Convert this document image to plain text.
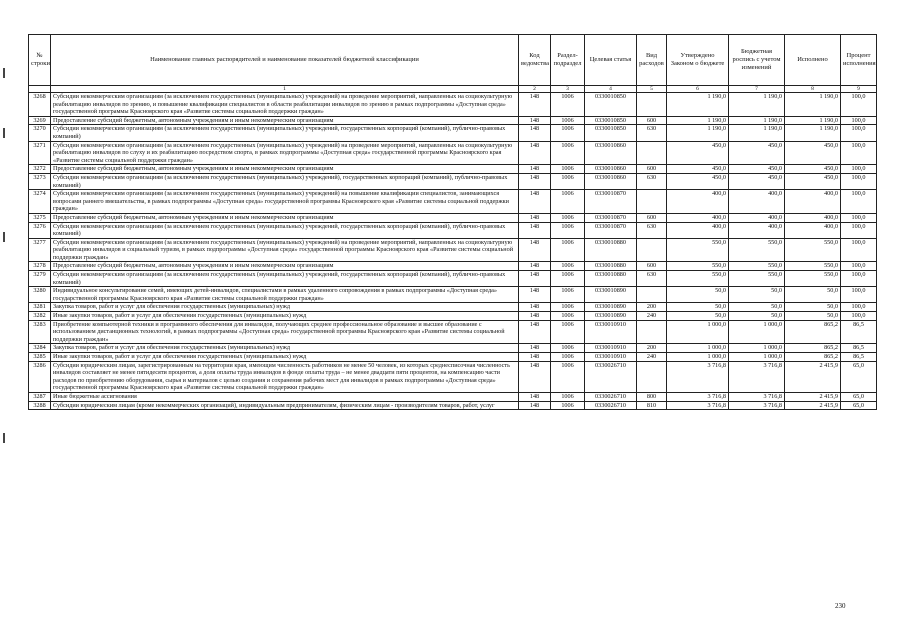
№ строки	Наименование главных распорядителей и наименование показателей бюджетной классификации	Код ведомства	Раздел-подраздел	Целевая статья	Вид расходов	Утверждено Законом о бюджете	Бюджетная роспись с учетом изменений	Исполнено	Процент исполнения
	1	2	3	4	5	6	7	8	9
3268	Субсидии некоммерческим организациям (за исключением государственных (муниципальных) учреждений) на проведение мероприятий, направленных на социокультурную реабилитацию инвалидов по зрению, и повышение квалификации специалистов в области реабилитации инвалидов по зрению в рамках подпрограммы «Доступная среда» государственной программы Красноярского края «Развитие системы социальной поддержки граждан»	148	1006	0330010850		1 190,0	1 190,0	1 190,0	100,0
3269	Предоставление субсидий бюджетным, автономным учреждениям и иным некоммерческим организациям	148	1006	0330010850	600	1 190,0	1 190,0	1 190,0	100,0
3270	Субсидии некоммерческим организациям (за исключением государственных (муниципальных) учреждений, государственных корпораций (компаний), публично-правовых компаний)	148	1006	0330010850	630	1 190,0	1 190,0	1 190,0	100,0
3271	Субсидии некоммерческим организациям (за исключением государственных (муниципальных) учреждений) на проведение мероприятий, направленных на социокультурную реабилитацию инвалидов по слуху и их реабилитацию посредством спорта, в рамках подпрограммы «Доступная среда» государственной программы Красноярского края «Развитие системы социальной поддержки граждан»	148	1006	0330010860		450,0	450,0	450,0	100,0
3272	Предоставление субсидий бюджетным, автономным учреждениям и иным некоммерческим организациям	148	1006	0330010860	600	450,0	450,0	450,0	100,0
3273	Субсидии некоммерческим организациям (за исключением государственных (муниципальных) учреждений), государственных корпораций (компаний), публично-правовых компаний)	148	1006	0330010860	630	450,0	450,0	450,0	100,0
3274	Субсидии некоммерческим организациям (за исключением государственных (муниципальных) учреждений) на повышение квалификации специалистов, занимающихся вопросами раннего вмешательства, в рамках подпрограммы «Доступная среда» государственной программы Красноярского края «Развитие системы социальной поддержки граждан»	148	1006	0330010870		400,0	400,0	400,0	100,0
3275	Предоставление субсидий бюджетным, автономным учреждениям и иным некоммерческим организациям	148	1006	0330010870	600	400,0	400,0	400,0	100,0
3276	Субсидии некоммерческим организациям (за исключением государственных (муниципальных) учреждений, государственных корпораций (компаний), публично-правовых компаний)	148	1006	0330010870	630	400,0	400,0	400,0	100,0
3277	Субсидии некоммерческим организациям (за исключением государственных (муниципальных) учреждений) на проведение мероприятий, направленных на социокультурную реабилитацию инвалидов и социальный туризм, в рамках подпрограммы «Доступная среда» государственной программы Красноярского края «Развитие системы социальной поддержки граждан»	148	1006	0330010880		550,0	550,0	550,0	100,0
3278	Предоставление субсидий бюджетным, автономным учреждениям и иным некоммерческим организациям	148	1006	0330010880	600	550,0	550,0	550,0	100,0
3279	Субсидии некоммерческим организациям (за исключением государственных (муниципальных) учреждений, государственных корпораций (компаний), публично-правовых компаний)	148	1006	0330010880	630	550,0	550,0	550,0	100,0
3280	Индивидуальное консультирование семей, имеющих детей-инвалидов, специалистами в рамках удаленного сопровождения в рамках подпрограммы «Доступная среда» государственной программы Красноярского края «Развитие системы социальной поддержки граждан»	148	1006	0330010890		50,0	50,0	50,0	100,0
3281	Закупка товаров, работ и услуг для обеспечения государственных (муниципальных) нужд	148	1006	0330010890	200	50,0	50,0	50,0	100,0
3282	Иные закупки товаров, работ и услуг для обеспечения государственных (муниципальных) нужд	148	1006	0330010890	240	50,0	50,0	50,0	100,0
3283	Приобретение компьютерной техники и программного обеспечения для инвалидов, получающих среднее профессиональное образование и высшее образование с использованием дистанционных технологий, в рамках подпрограммы «Доступная среда» государственной программы Красноярского края «Развитие системы социальной поддержки граждан»	148	1006	0330010910		1 000,0	1 000,0	865,2	86,5
3284	Закупка товаров, работ и услуг для обеспечения государственных (муниципальных) нужд	148	1006	0330010910	200	1 000,0	1 000,0	865,2	86,5
3285	Иные закупки товаров, работ и услуг для обеспечения государственных (муниципальных) нужд	148	1006	0330010910	240	1 000,0	1 000,0	865,2	86,5
3286	Субсидии юридическим лицам, зарегистрированным на территории края, имеющим численность работников не менее 50 человек, из которых среднесписочная численность инвалидов составляет не менее пятидесяти процентов, а доля оплаты труда инвалидов в фонде оплаты труда – не менее двадцати пяти процентов, на компенсацию части расходов по приобретению оборудования, сырья и материалов с целью создания и сохранения рабочих мест для инвалидов в рамках подпрограммы «Доступная среда» государственной программы Красноярского края «Развитие системы социальной поддержки граждан»	148	1006	0330026710		3 716,8	3 716,8	2 415,9	65,0
3287	Иные бюджетные ассигнования	148	1006	0330026710	800	3 716,8	3 716,8	2 415,9	65,0
3288	Субсидии юридическим лицам (кроме некоммерческих организаций), индивидуальным предпринимателям, физическим лицам - производителям товаров, работ, услуг	148	1006	0330026710	810	3 716,8	3 716,8	2 415,9	65,0
230
